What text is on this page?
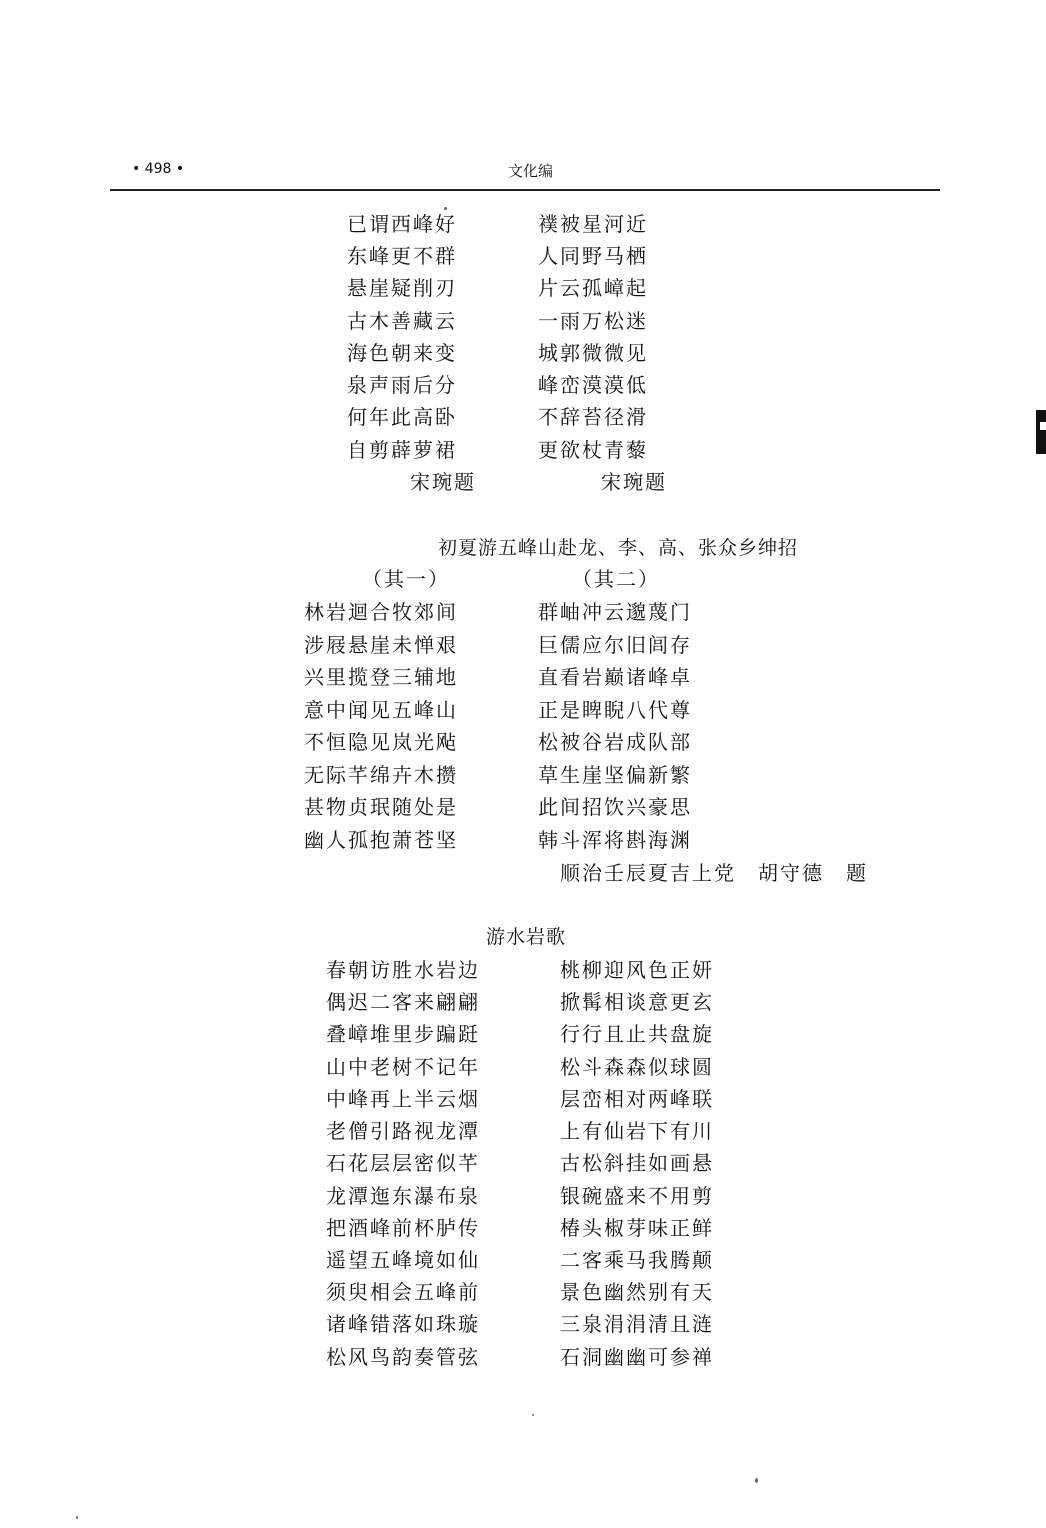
• 498 •	文化编
已谓西峰好
东峰更不群
悬崖疑削刃
古木善藏云
海色朝来变
泉声雨后分
何年此高卧
自剪薜萝裙
襆被星河近
人同野马栖
片云孤嶂起
一雨万松迷
城郭微微见
峰峦漠漠低
不辞苔径滑
更欲杖青藜
宋琬题	宋琬题
初夏游五峰山赴龙、李、高、张众乡绅招
（其一）	（其二）
林岩迴合牧郊间
涉屐悬崖未惮艰
兴里揽登三辅地
意中闻见五峰山
不恒隐见岚光飐
无际芊绵卉木攒
甚物贞珉随处是
幽人孤抱萧苍坚
群岫冲云邈蔑门
巨儒应尔旧闾存
直看岩巅诸峰卓
正是睥睨八代尊
松被谷岩成队部
草生崖坚偏新繁
此间招饮兴豪思
韩斗浑将斟海渊
顺治壬辰夏吉上党　胡守德　题
游水岩歌
春朝访胜水岩边
偶迟二客来翩翩
叠嶂堆里步蹁跹
山中老树不记年
中峰再上半云烟
老僧引路视龙潭
石花层层密似芊
龙潭迤东瀑布泉
把酒峰前杯胪传
遥望五峰境如仙
须臾相会五峰前
诸峰错落如珠璇
松风鸟韵奏管弦
桃柳迎风色正妍
掀髯相谈意更玄
行行且止共盘旋
松斗森森似球圆
层峦相对两峰联
上有仙岩下有川
古松斜挂如画悬
银碗盛来不用剪
椿头椒芽味正鲜
二客乘马我腾颠
景色幽然别有天
三泉涓涓清且涟
石洞幽幽可参禅
